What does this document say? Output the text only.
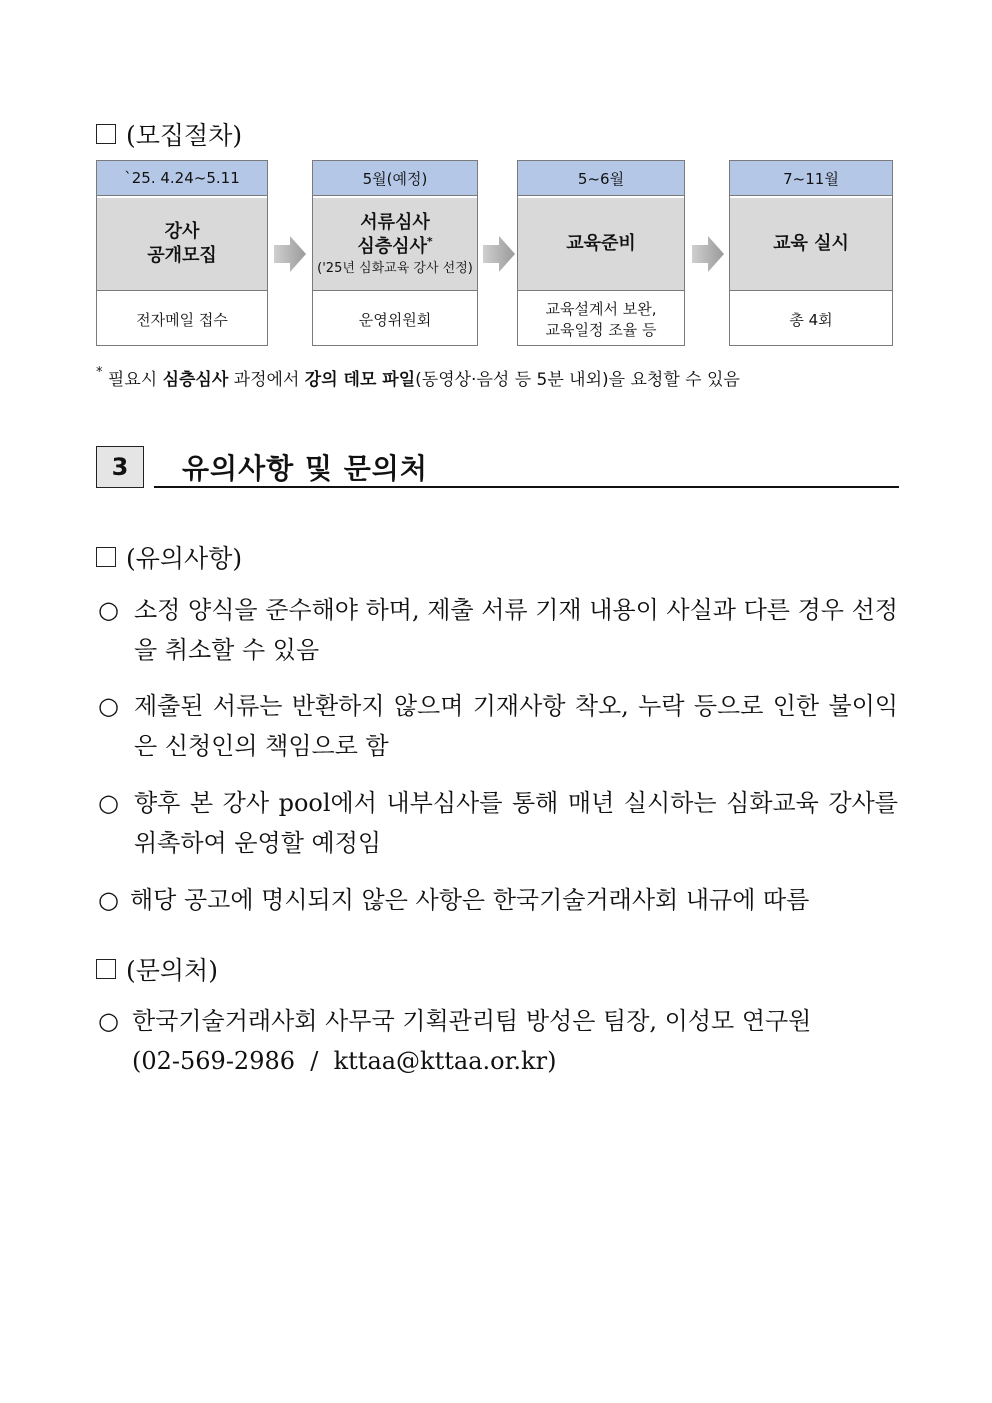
(모집절차)
`25. 4.24~5.11
강사
공개모집
전자메일 접수
5월(예정)
서류심사
심층심사*
('25년 심화교육 강사 선정)
운영위원회
5~6월
교육준비
교육설계서 보완,
교육일정 조율 등
7~11월
교육 실시
총 4회
* 필요시 심층심사 과정에서 강의 데모 파일(동영상·음성 등 5분 내외)을 요청할 수 있음
3	유의사항 및 문의처
(유의사항)
○ 소정 양식을 준수해야 하며, 제출 서류 기재 내용이 사실과 다른 경우 선정을 취소할 수 있음
○ 제출된 서류는 반환하지 않으며 기재사항 착오, 누락 등으로 인한 불이익은 신청인의 책임으로 함
○ 향후 본 강사 pool에서 내부심사를 통해 매년 실시하는 심화교육 강사를 위촉하여 운영할 예정임
○ 해당 공고에 명시되지 않은 사항은 한국기술거래사회 내규에 따름
(문의처)
○ 한국기술거래사회 사무국 기획관리팀 방성은 팀장, 이성모 연구원
(02-569-2986  /  kttaa@kttaa.or.kr)
